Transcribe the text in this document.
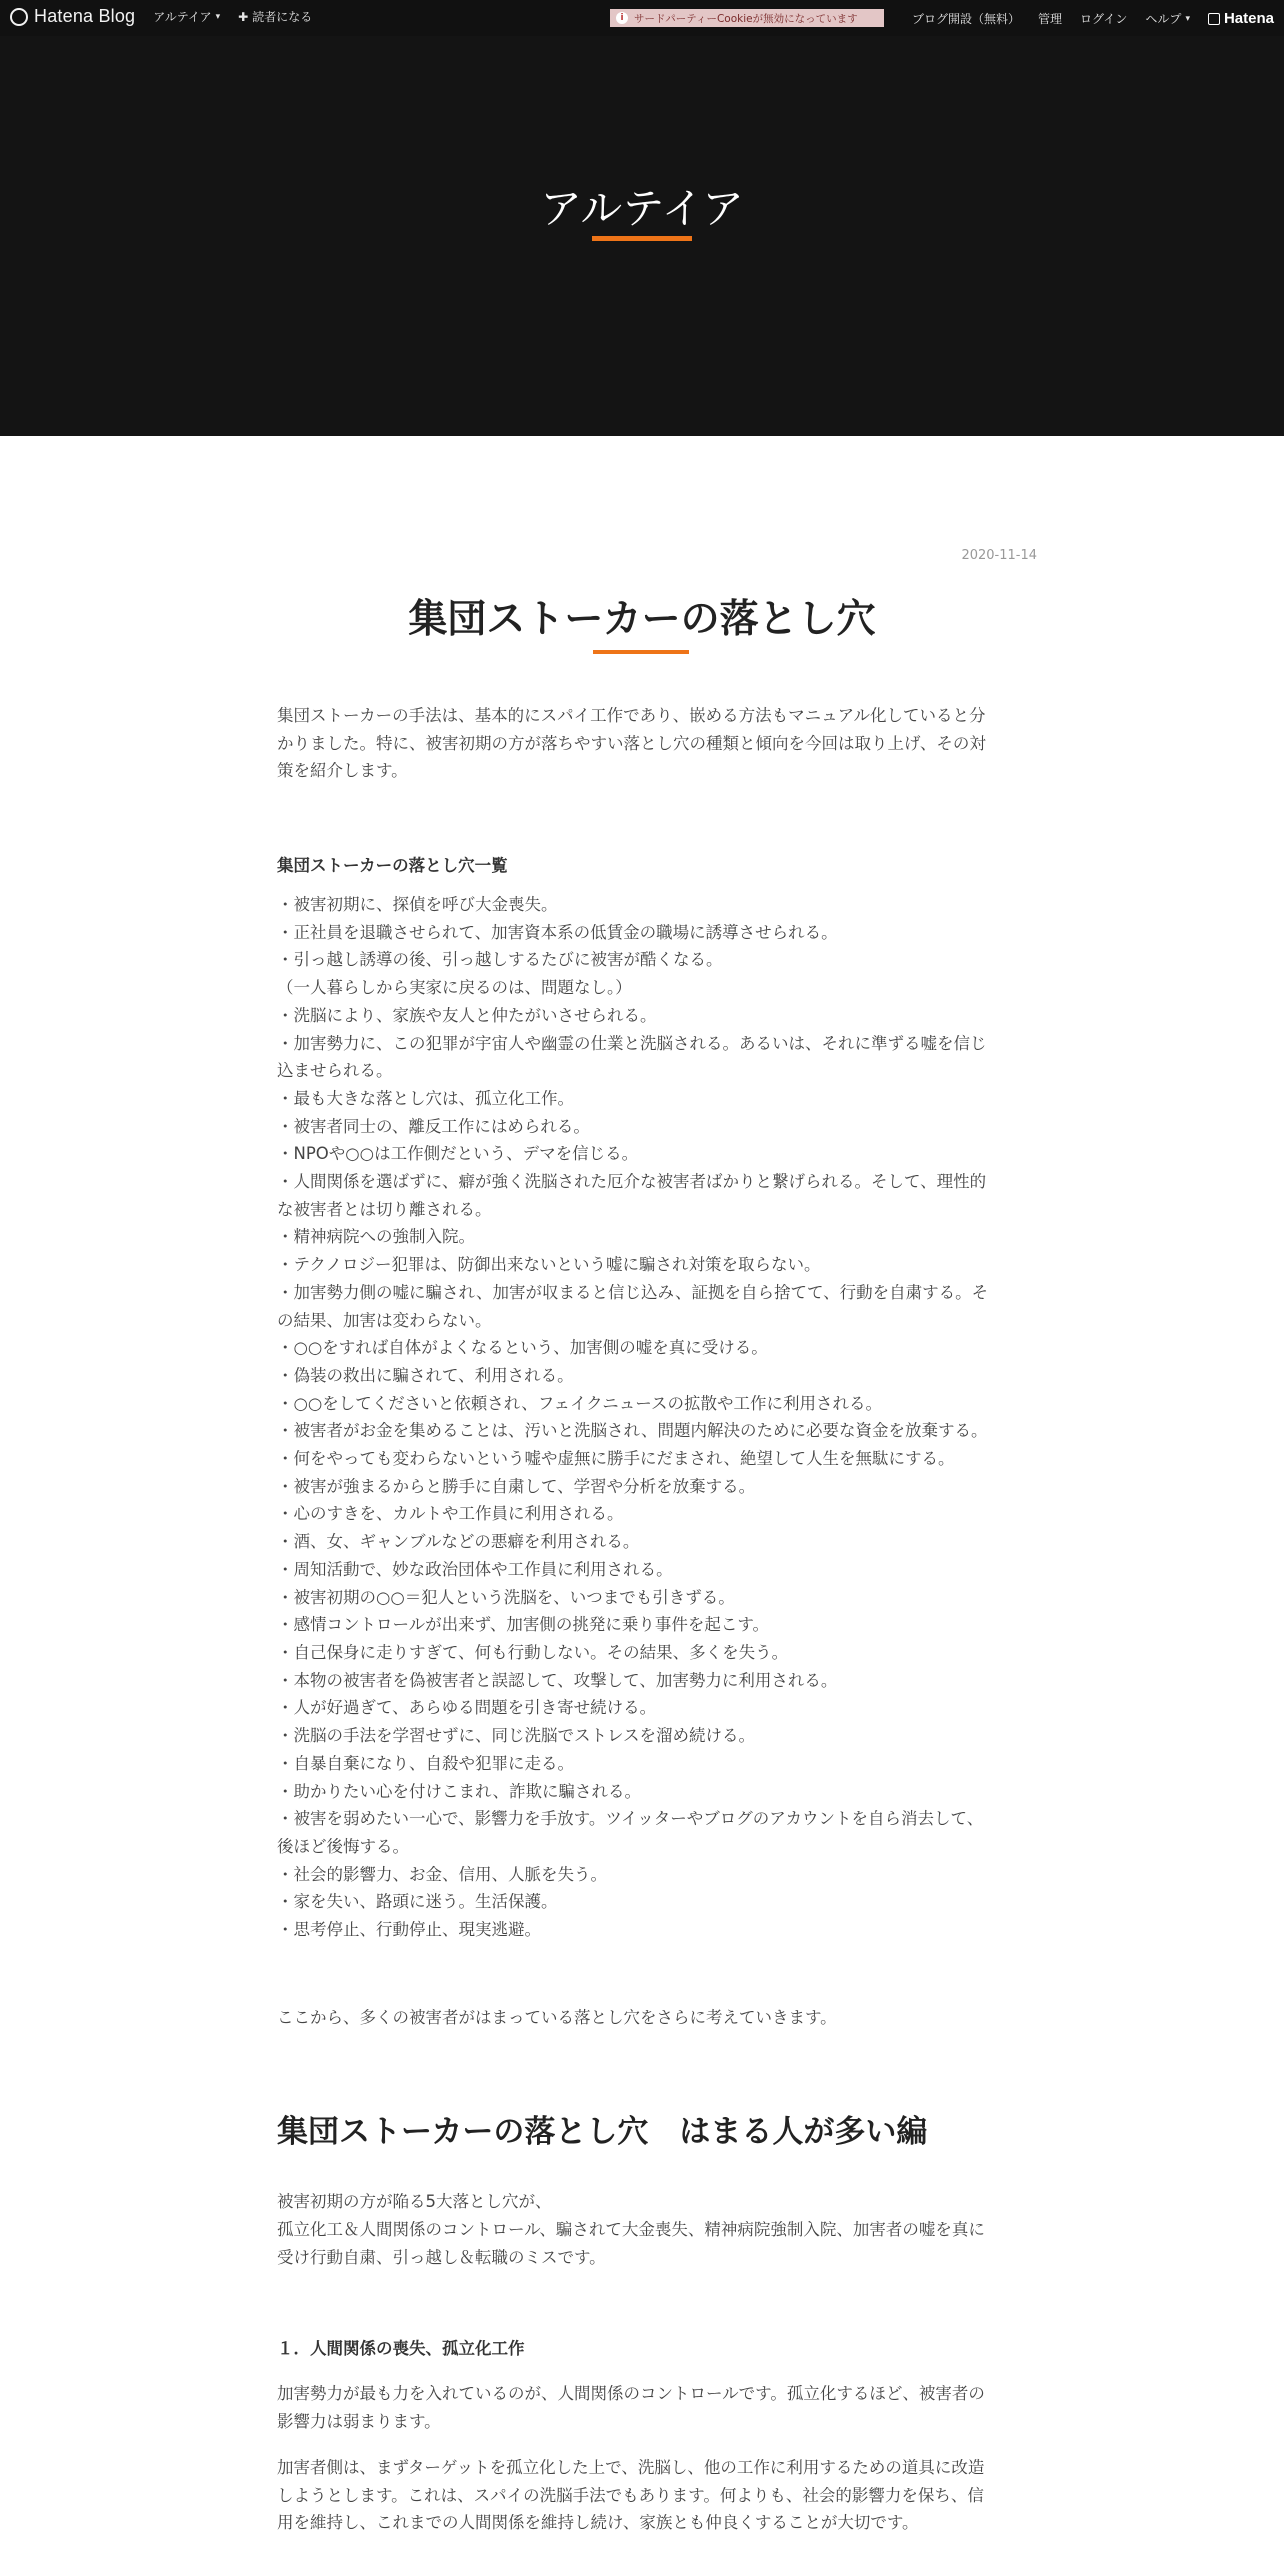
Hatena Blog アルテイア ▾ ✚ 読者になる	i サードパーティーCookieが無効になっています	ブログ開設（無料） 管理 ログイン ヘルプ ▾ Hatena
アルテイア
2020-11-14
集団ストーカーの落とし穴
集団ストーカーの手法は、基本的にスパイ工作であり、嵌める方法もマニュアル化していると分かりました。特に、被害初期の方が落ちやすい落とし穴の種類と傾向を今回は取り上げ、その対策を紹介します。
集団ストーカーの落とし穴一覧
・被害初期に、探偵を呼び大金喪失。
・正社員を退職させられて、加害資本系の低賃金の職場に誘導させられる。
・引っ越し誘導の後、引っ越しするたびに被害が酷くなる。
（一人暮らしから実家に戻るのは、問題なし。）
・洗脳により、家族や友人と仲たがいさせられる。
・加害勢力に、この犯罪が宇宙人や幽霊の仕業と洗脳される。あるいは、それに準ずる嘘を信じ込ませられる。
・最も大きな落とし穴は、孤立化工作。
・被害者同士の、離反工作にはめられる。
・NPOや○○は工作側だという、デマを信じる。
・人間関係を選ばずに、癖が強く洗脳された厄介な被害者ばかりと繋げられる。そして、理性的な被害者とは切り離される。
・精神病院への強制入院。
・テクノロジー犯罪は、防御出来ないという嘘に騙され対策を取らない。
・加害勢力側の嘘に騙され、加害が収まると信じ込み、証拠を自ら捨てて、行動を自粛する。その結果、加害は変わらない。
・○○をすれば自体がよくなるという、加害側の嘘を真に受ける。
・偽装の救出に騙されて、利用される。
・○○をしてくださいと依頼され、フェイクニュースの拡散や工作に利用される。
・被害者がお金を集めることは、汚いと洗脳され、問題内解決のために必要な資金を放棄する。
・何をやっても変わらないという嘘や虚無に勝手にだまされ、絶望して人生を無駄にする。
・被害が強まるからと勝手に自粛して、学習や分析を放棄する。
・心のすきを、カルトや工作員に利用される。
・酒、女、ギャンブルなどの悪癖を利用される。
・周知活動で、妙な政治団体や工作員に利用される。
・被害初期の○○＝犯人という洗脳を、いつまでも引きずる。
・感情コントロールが出来ず、加害側の挑発に乗り事件を起こす。
・自己保身に走りすぎて、何も行動しない。その結果、多くを失う。
・本物の被害者を偽被害者と誤認して、攻撃して、加害勢力に利用される。
・人が好過ぎて、あらゆる問題を引き寄せ続ける。
・洗脳の手法を学習せずに、同じ洗脳でストレスを溜め続ける。
・自暴自棄になり、自殺や犯罪に走る。
・助かりたい心を付けこまれ、詐欺に騙される。
・被害を弱めたい一心で、影響力を手放す。ツイッターやブログのアカウントを自ら消去して、後ほど後悔する。
・社会的影響力、お金、信用、人脈を失う。
・家を失い、路頭に迷う。生活保護。
・思考停止、行動停止、現実逃避。
ここから、多くの被害者がはまっている落とし穴をさらに考えていきます。
集団ストーカーの落とし穴　はまる人が多い編
被害初期の方が陥る5大落とし穴が、
孤立化工＆人間関係のコントロール、騙されて大金喪失、精神病院強制入院、加害者の嘘を真に受け行動自粛、引っ越し＆転職のミスです。
１．人間関係の喪失、孤立化工作
加害勢力が最も力を入れているのが、人間関係のコントロールです。孤立化するほど、被害者の影響力は弱まります。
加害者側は、まずターゲットを孤立化した上で、洗脳し、他の工作に利用するための道具に改造しようとします。これは、スパイの洗脳手法でもあります。何よりも、社会的影響力を保ち、信用を維持し、これまでの人間関係を維持し続け、家族とも仲良くすることが大切です。
